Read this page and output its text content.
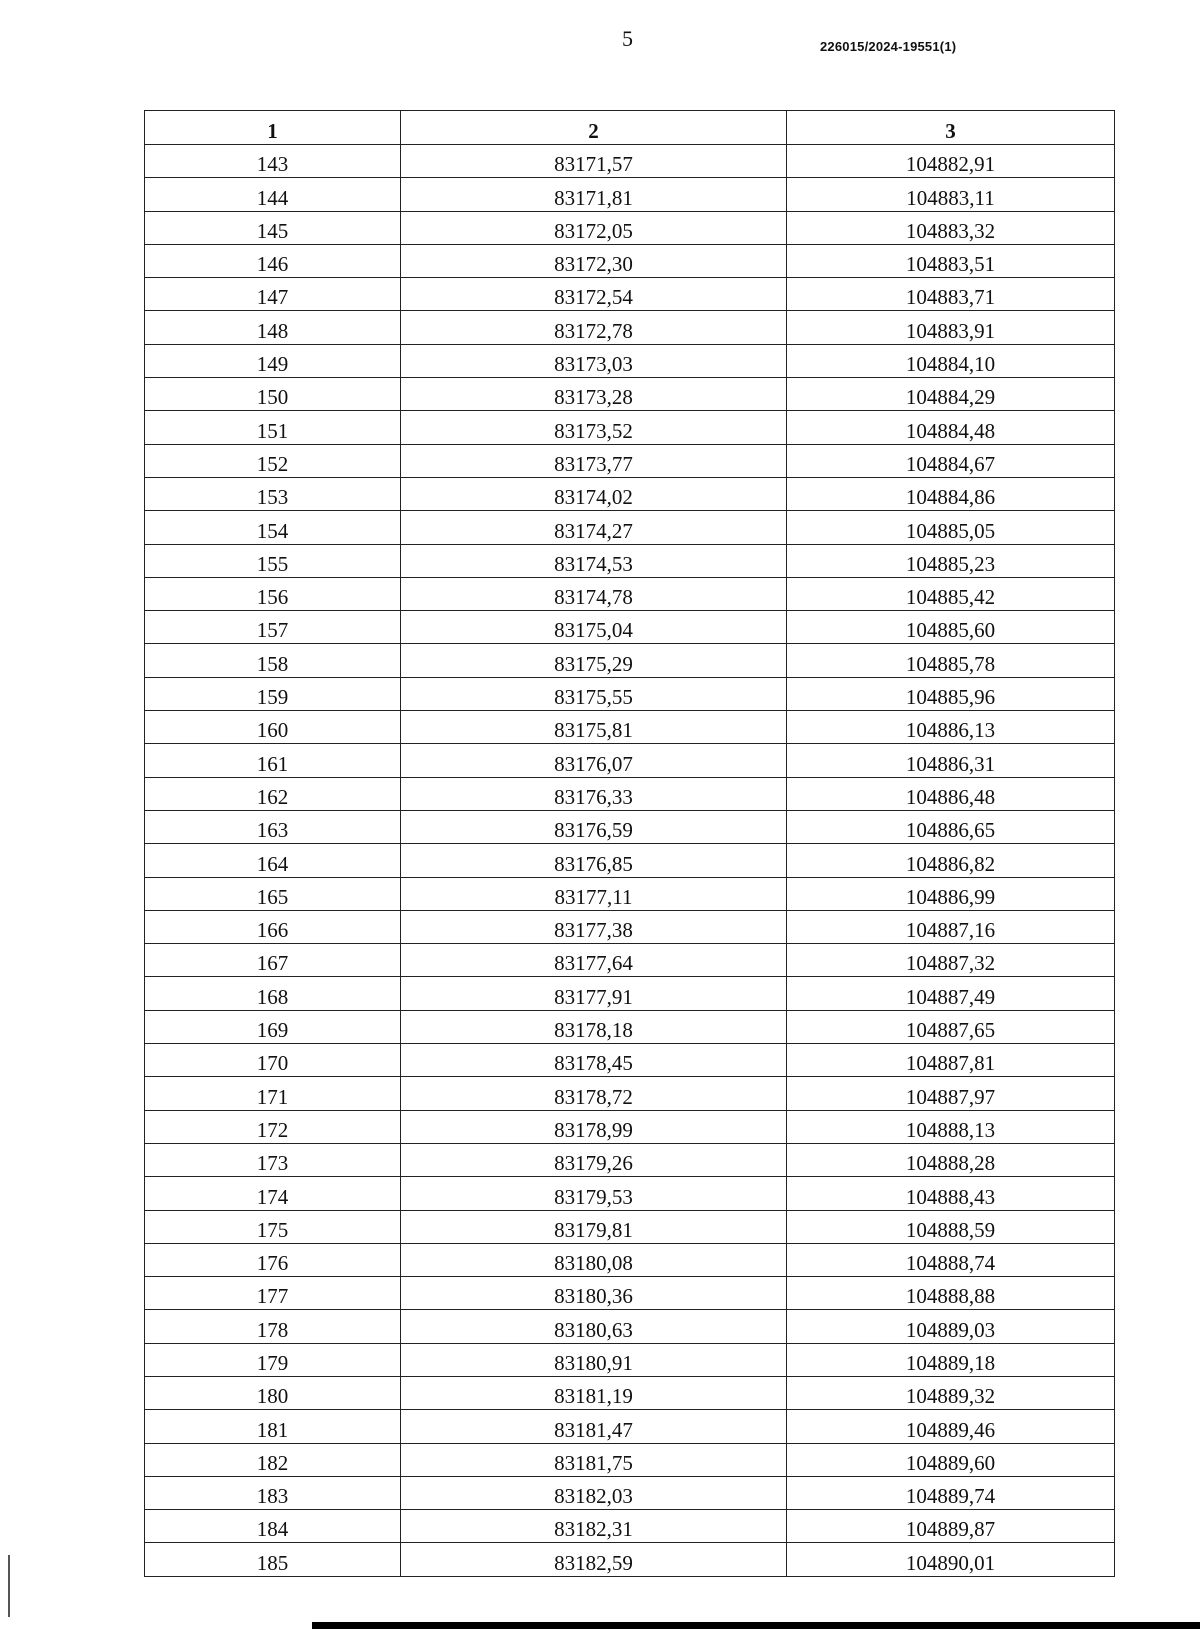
5	226015/2024-19551(1)
1	2	3
143	83171,57	104882,91
144	83171,81	104883,11
145	83172,05	104883,32
146	83172,30	104883,51
147	83172,54	104883,71
148	83172,78	104883,91
149	83173,03	104884,10
150	83173,28	104884,29
151	83173,52	104884,48
152	83173,77	104884,67
153	83174,02	104884,86
154	83174,27	104885,05
155	83174,53	104885,23
156	83174,78	104885,42
157	83175,04	104885,60
158	83175,29	104885,78
159	83175,55	104885,96
160	83175,81	104886,13
161	83176,07	104886,31
162	83176,33	104886,48
163	83176,59	104886,65
164	83176,85	104886,82
165	83177,11	104886,99
166	83177,38	104887,16
167	83177,64	104887,32
168	83177,91	104887,49
169	83178,18	104887,65
170	83178,45	104887,81
171	83178,72	104887,97
172	83178,99	104888,13
173	83179,26	104888,28
174	83179,53	104888,43
175	83179,81	104888,59
176	83180,08	104888,74
177	83180,36	104888,88
178	83180,63	104889,03
179	83180,91	104889,18
180	83181,19	104889,32
181	83181,47	104889,46
182	83181,75	104889,60
183	83182,03	104889,74
184	83182,31	104889,87
185	83182,59	104890,01
